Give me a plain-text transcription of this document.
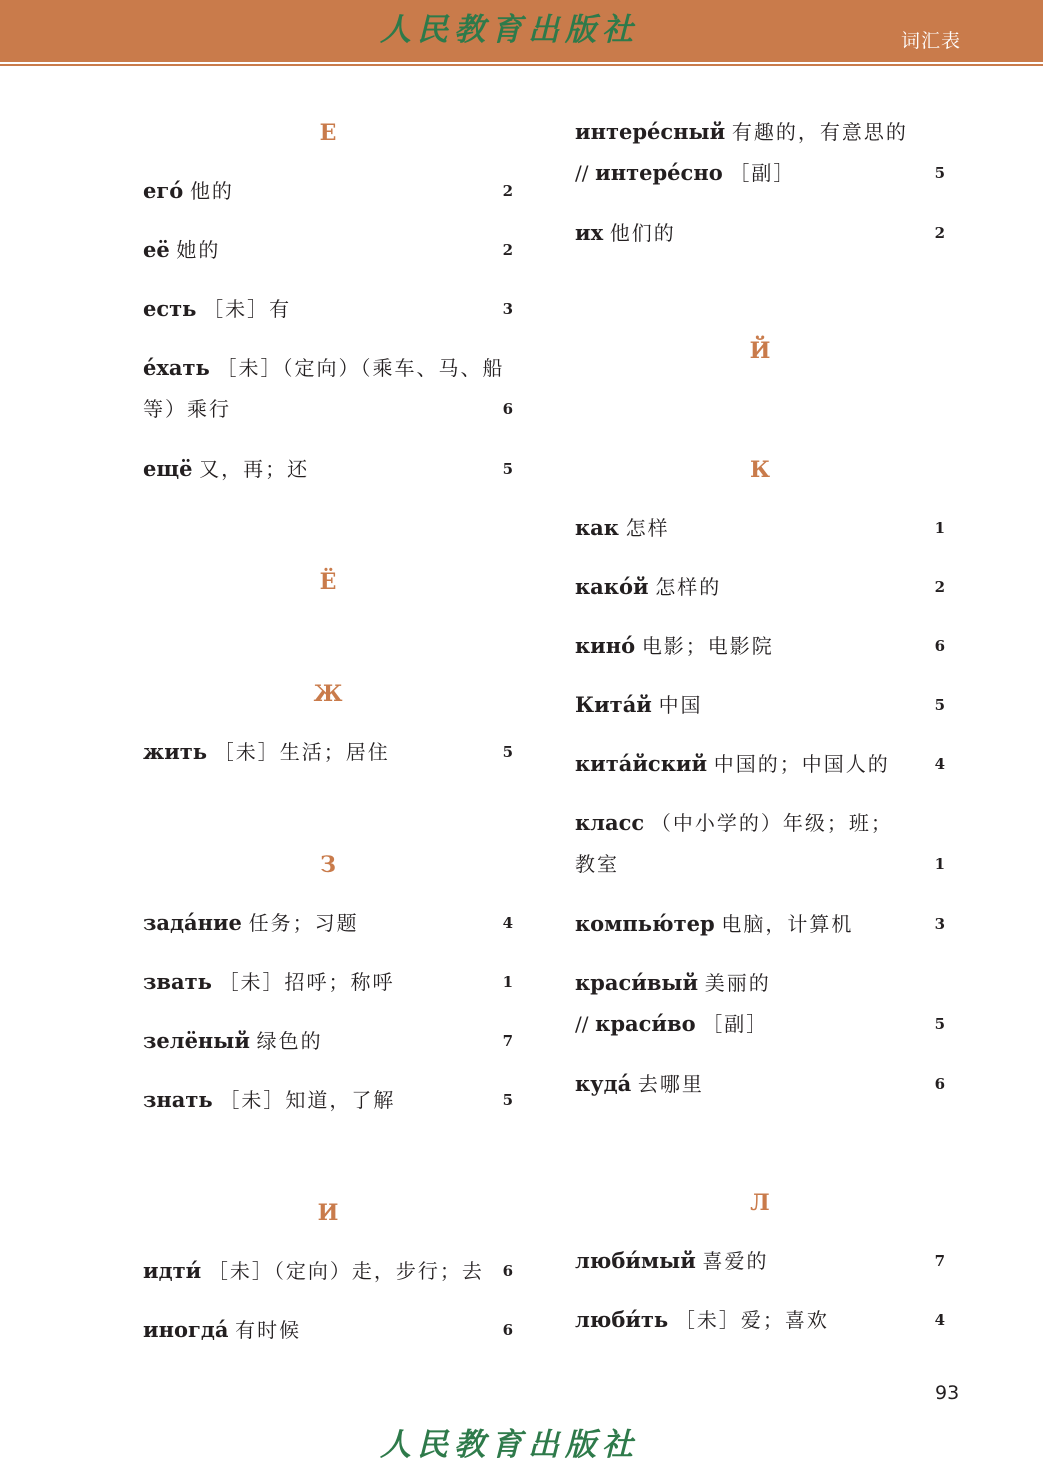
人民教育出版社	词汇表
Е
его́ 他的	2
её 她的	2
есть ［未］有	3
е́хать ［未］（定向）（乘车、马、船
等）乘行	6
ещё 又，再；还	5
Ё
Ж
жить ［未］生活；居住	5
З
зада́ние 任务；习题	4
звать ［未］招呼；称呼	1
зелёный 绿色的	7
знать ［未］知道，了解	5
И
идти́ ［未］（定向）走，步行；去 6
иногда́ 有时候	6
интере́сный 有趣的，有意思的
// интере́сно ［副］	5
их 他们的	2
Й
К
как 怎样	1
како́й 怎样的	2
кино́ 电影；电影院	6
Кита́й 中国	5
кита́йский 中国的；中国人的	4
класс （中小学的）年级；班；
教室	1
компью́тер 电脑，计算机	3
краси́вый 美丽的
// краси́во ［副］	5
куда́ 去哪里	6
Л
люби́мый 喜爱的	7
люби́ть ［未］爱；喜欢	4
93
人民教育出版社
